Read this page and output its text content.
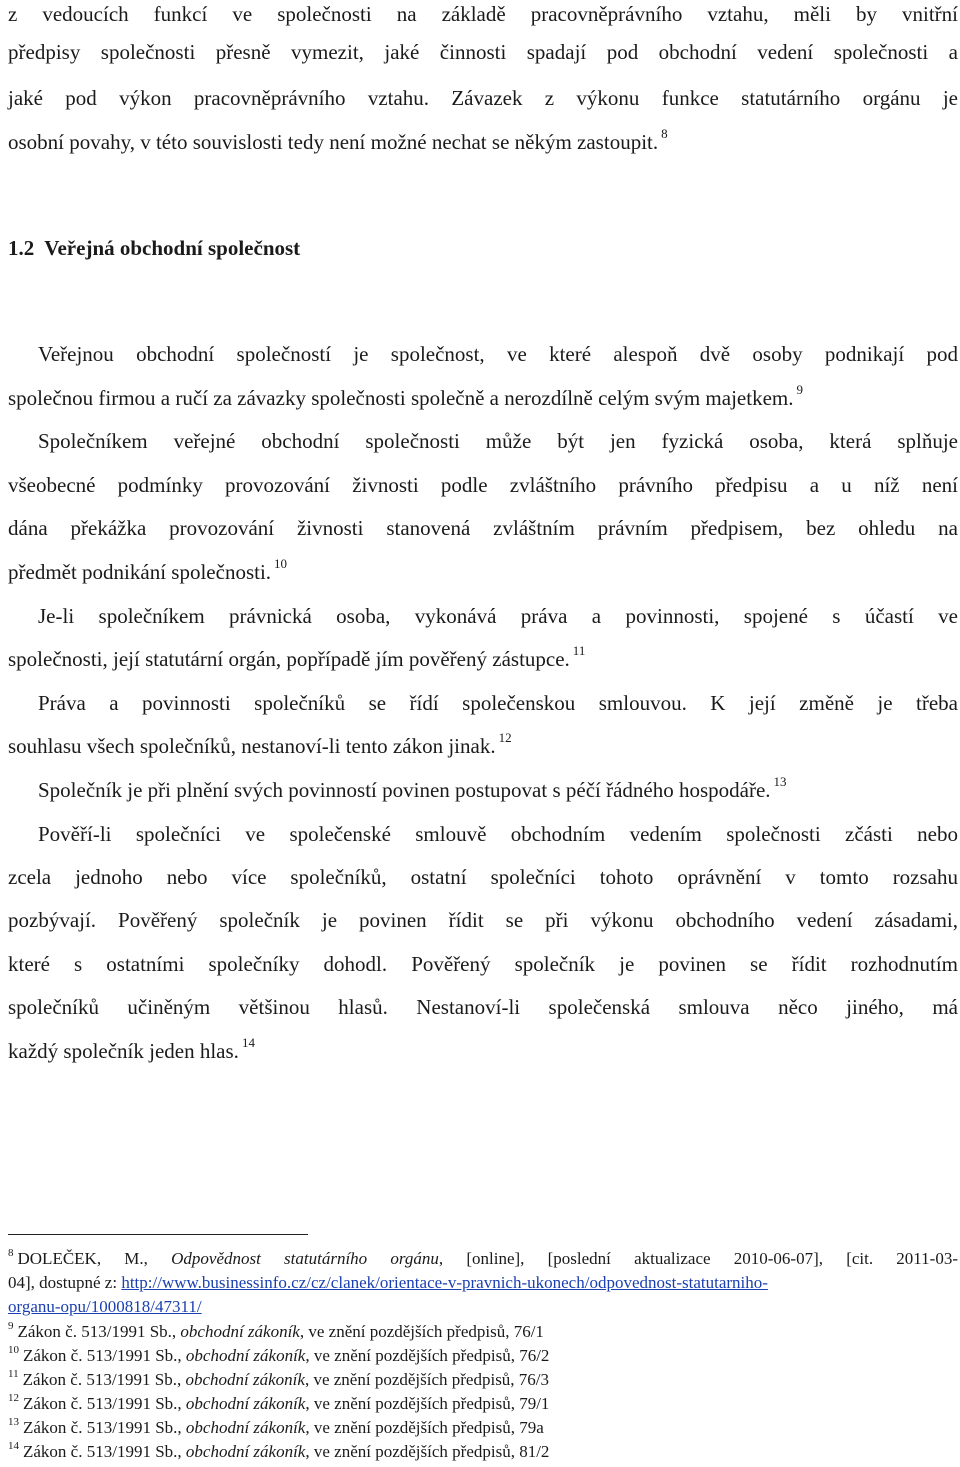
z vedoucích funkcí ve společnosti na základě pracovněprávního vztahu, měli by vnitřní
předpisy společnosti přesně vymezit, jaké činnosti spadají pod obchodní vedení společnosti a
jaké pod výkon pracovněprávního vztahu. Závazek z výkonu funkce statutárního orgánu je
osobní povahy, v této souvislosti tedy není možné nechat se někým zastoupit. $^8$
1.2 Veřejná obchodní společnost
Veřejnou obchodní společností je společnost, ve které alespoň dvě osoby podnikají pod
společnou firmou a ručí za závazky společnosti společně a nerozdílně celým svým majetkem. $^9$
Společníkem veřejné obchodní společnosti může být jen fyzická osoba, která splňuje
všeobecné podmínky provozování živnosti podle zvláštního právního předpisu a u níž není
dána překážka provozování živnosti stanovená zvláštním právním předpisem, bez ohledu na
předmět podnikání společnosti. $^{10}$
Je-li společníkem právnická osoba, vykonává práva a povinnosti, spojené s účastí ve
společnosti, její statutární orgán, popřípadě jím pověřený zástupce. $^{11}$
Práva a povinnosti společníků se řídí společenskou smlouvou. K její změně je třeba
souhlasu všech společníků, nestanoví-li tento zákon jinak. $^{12}$
Společník je při plnění svých povinností povinen postupovat s péčí řádného hospodáře. $^{13}$
Pověří-li společníci ve společenské smlouvě obchodním vedením společnosti zčásti nebo
zcela jednoho nebo více společníků, ostatní společníci tohoto oprávnění v tomto rozsahu
pozbývají. Pověřený společník je povinen řídit se při výkonu obchodního vedení zásadami,
které s ostatními společníky dohodl. Pověřený společník je povinen se řídit rozhodnutím
společníků učiněným většinou hlasů. Nestanoví-li společenská smlouva něco jiného, má
každý společník jeden hlas. $^{14}$
$^8$ DOLEČEK, M., Odpovědnost statutárního orgánu, [online], [poslední aktualizace 2010-06-07], [cit. 2011-03-
04], dostupné z: http://www.businessinfo.cz/cz/clanek/orientace-v-pravnich-ukonech/odpovednost-statutarniho-
organu-opu/1000818/47311/
$^9$ Zákon č. 513/1991 Sb., obchodní zákoník, ve znění pozdějších předpisů, 76/1
$^{10}$ Zákon č. 513/1991 Sb., obchodní zákoník, ve znění pozdějších předpisů, 76/2
$^{11}$ Zákon č. 513/1991 Sb., obchodní zákoník, ve znění pozdějších předpisů, 76/3
$^{12}$ Zákon č. 513/1991 Sb., obchodní zákoník, ve znění pozdějších předpisů, 79/1
$^{13}$ Zákon č. 513/1991 Sb., obchodní zákoník, ve znění pozdějších předpisů, 79a
$^{14}$ Zákon č. 513/1991 Sb., obchodní zákoník, ve znění pozdějších předpisů, 81/2
